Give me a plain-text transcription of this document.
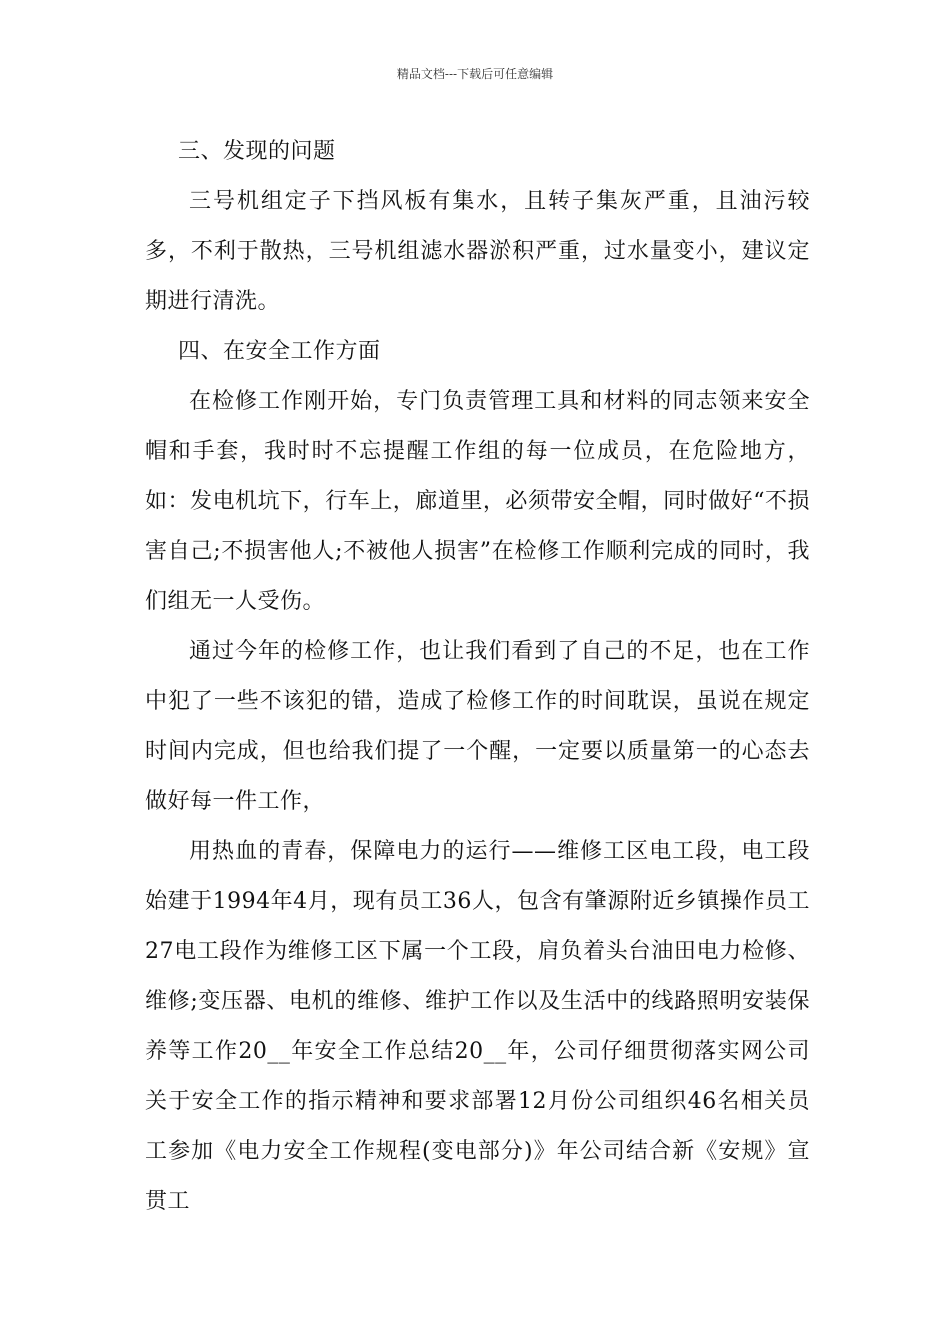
精品文档---下载后可任意编辑

三、发现的问题

三号机组定子下挡风板有集水，且转子集灰严重，且油污较多，不利于散热，三号机组滤水器淤积严重，过水量变小，建议定期进行清洗。

四、在安全工作方面

在检修工作刚开始，专门负责管理工具和材料的同志领来安全帽和手套，我时时不忘提醒工作组的每一位成员，在危险地方，如：发电机坑下，行车上，廊道里，必须带安全帽，同时做好“不损害自己;不损害他人;不被他人损害”在检修工作顺利完成的同时，我们组无一人受伤。

通过今年的检修工作，也让我们看到了自己的不足，也在工作中犯了一些不该犯的错，造成了检修工作的时间耽误，虽说在规定时间内完成，但也给我们提了一个醒，一定要以质量第一的心态去做好每一件工作，

用热血的青春，保障电力的运行——维修工区电工段，电工段始建于1994年4月，现有员工36人，包含有肇源附近乡镇操作员工27电工段作为维修工区下属一个工段，肩负着头台油田电力检修、维修;变压器、电机的维修、维护工作以及生活中的线路照明安装保养等工作20__年安全工作总结20__年，公司仔细贯彻落实网公司关于安全工作的指示精神和要求部署12月份公司组织46名相关员工参加《电力安全工作规程(变电部分)》年公司结合新《安规》宣贯工
